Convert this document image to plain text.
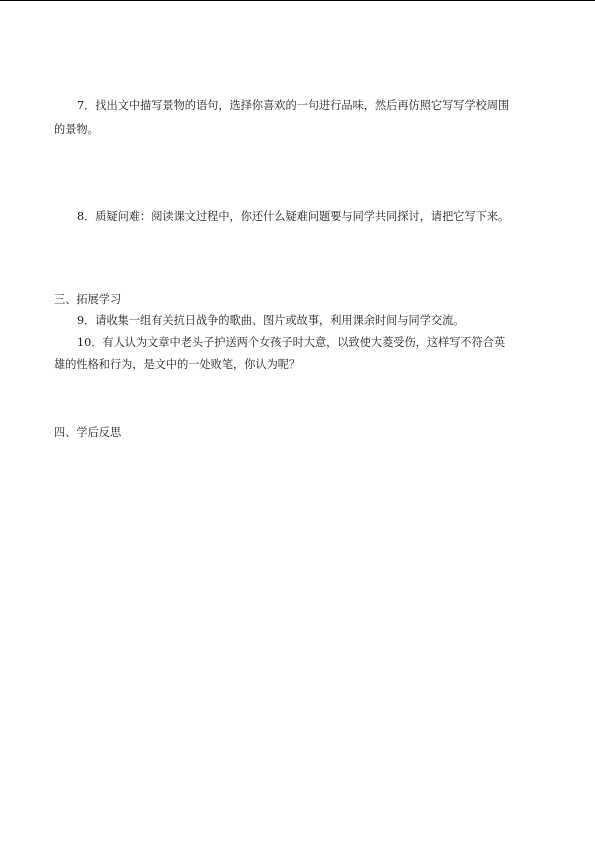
7．找出文中描写景物的语句，选择你喜欢的一句进行品味，然后再仿照它写写学校周围
的景物。
8．质疑问难：阅读课文过程中，你还什么疑难问题要与同学共同探讨，请把它写下来。
三、拓展学习
9．请收集一组有关抗日战争的歌曲、图片或故事，利用课余时间与同学交流。
10．有人认为文章中老头子护送两个女孩子时大意，以致使大菱受伤，这样写不符合英
雄的性格和行为，是文中的一处败笔，你认为呢？
四、学后反思
